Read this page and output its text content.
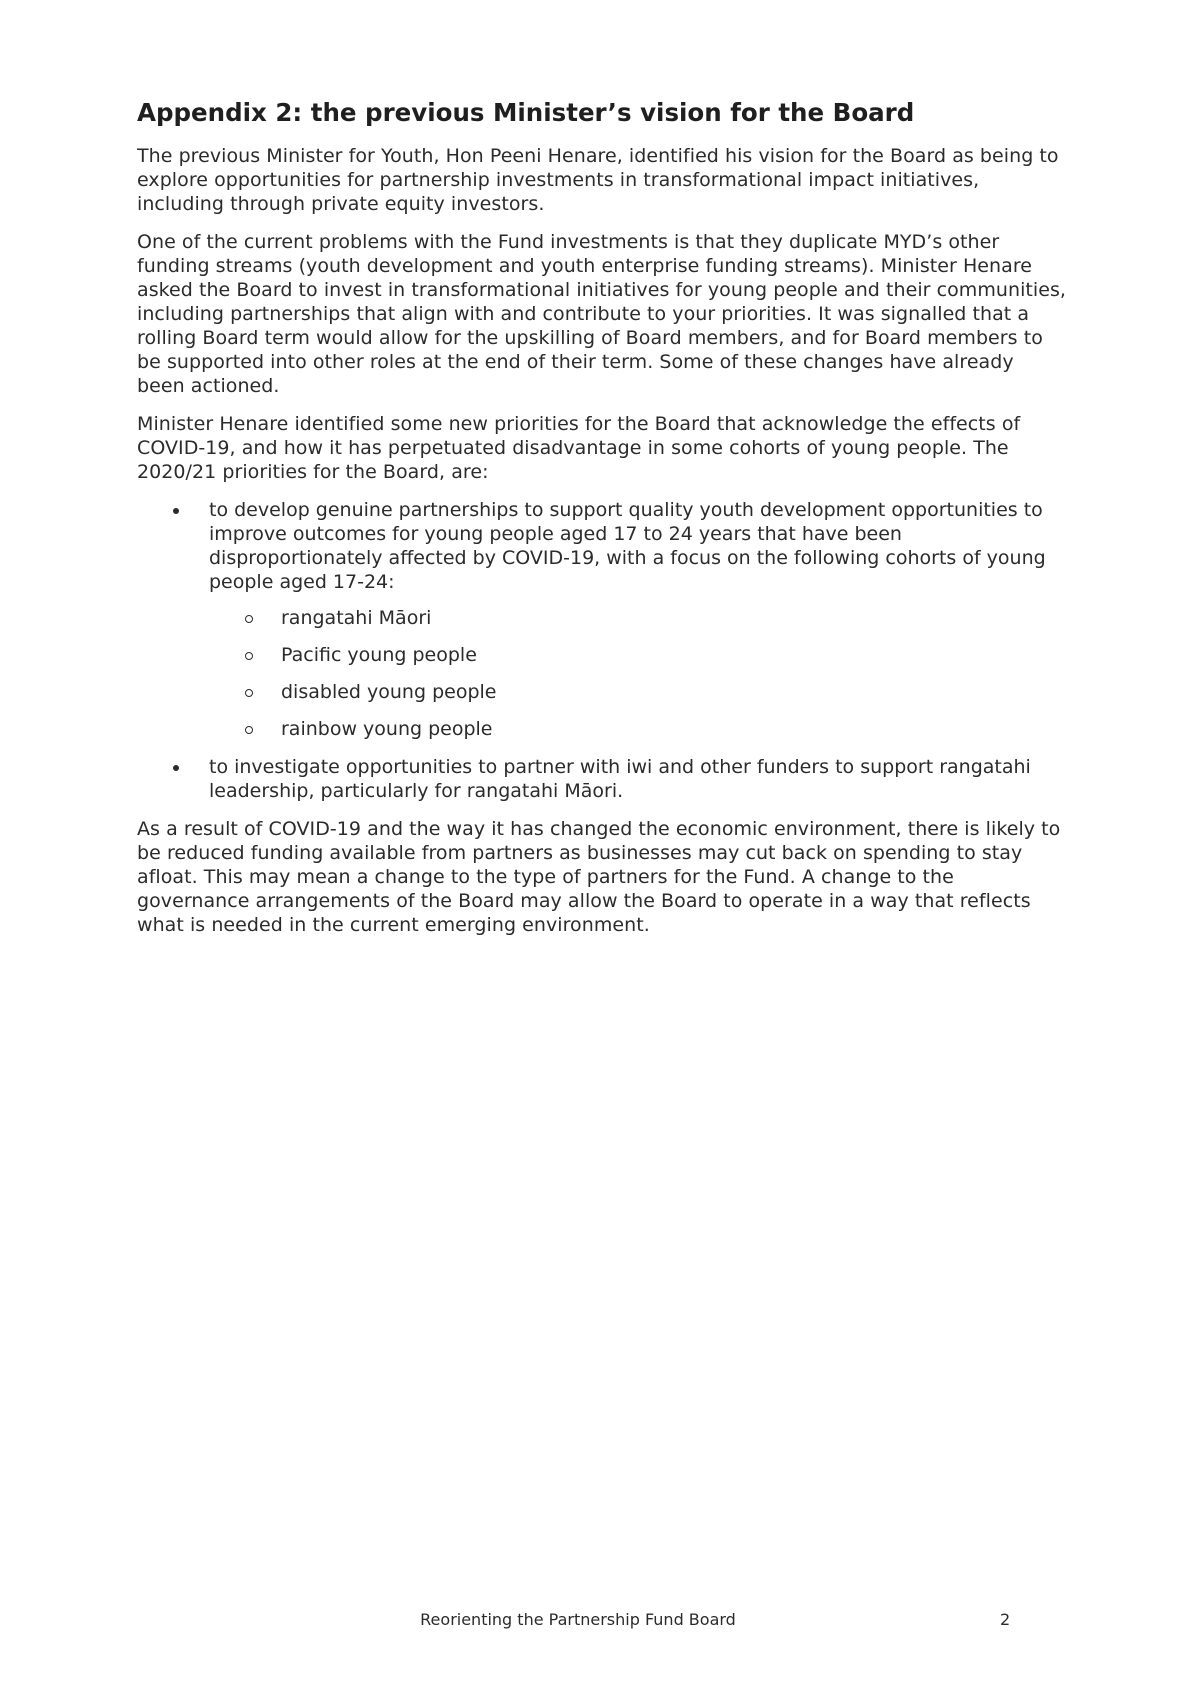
Appendix 2: the previous Minister’s vision for the Board

The previous Minister for Youth, Hon Peeni Henare, identified his vision for the Board as being to explore opportunities for partnership investments in transformational impact initiatives, including through private equity investors.

One of the current problems with the Fund investments is that they duplicate MYD’s other funding streams (youth development and youth enterprise funding streams). Minister Henare asked the Board to invest in transformational initiatives for young people and their communities, including partnerships that align with and contribute to your priorities. It was signalled that a rolling Board term would allow for the upskilling of Board members, and for Board members to be supported into other roles at the end of their term. Some of these changes have already been actioned.

Minister Henare identified some new priorities for the Board that acknowledge the effects of COVID-19, and how it has perpetuated disadvantage in some cohorts of young people. The 2020/21 priorities for the Board, are:

to develop genuine partnerships to support quality youth development opportunities to improve outcomes for young people aged 17 to 24 years that have been disproportionately affected by COVID-19, with a focus on the following cohorts of young people aged 17-24:
rangatahi Māori
Pacific young people
disabled young people
rainbow young people
to investigate opportunities to partner with iwi and other funders to support rangatahi leadership, particularly for rangatahi Māori.

As a result of COVID-19 and the way it has changed the economic environment, there is likely to be reduced funding available from partners as businesses may cut back on spending to stay afloat. This may mean a change to the type of partners for the Fund. A change to the governance arrangements of the Board may allow the Board to operate in a way that reflects what is needed in the current emerging environment.

Reorienting the Partnership Fund Board	2
